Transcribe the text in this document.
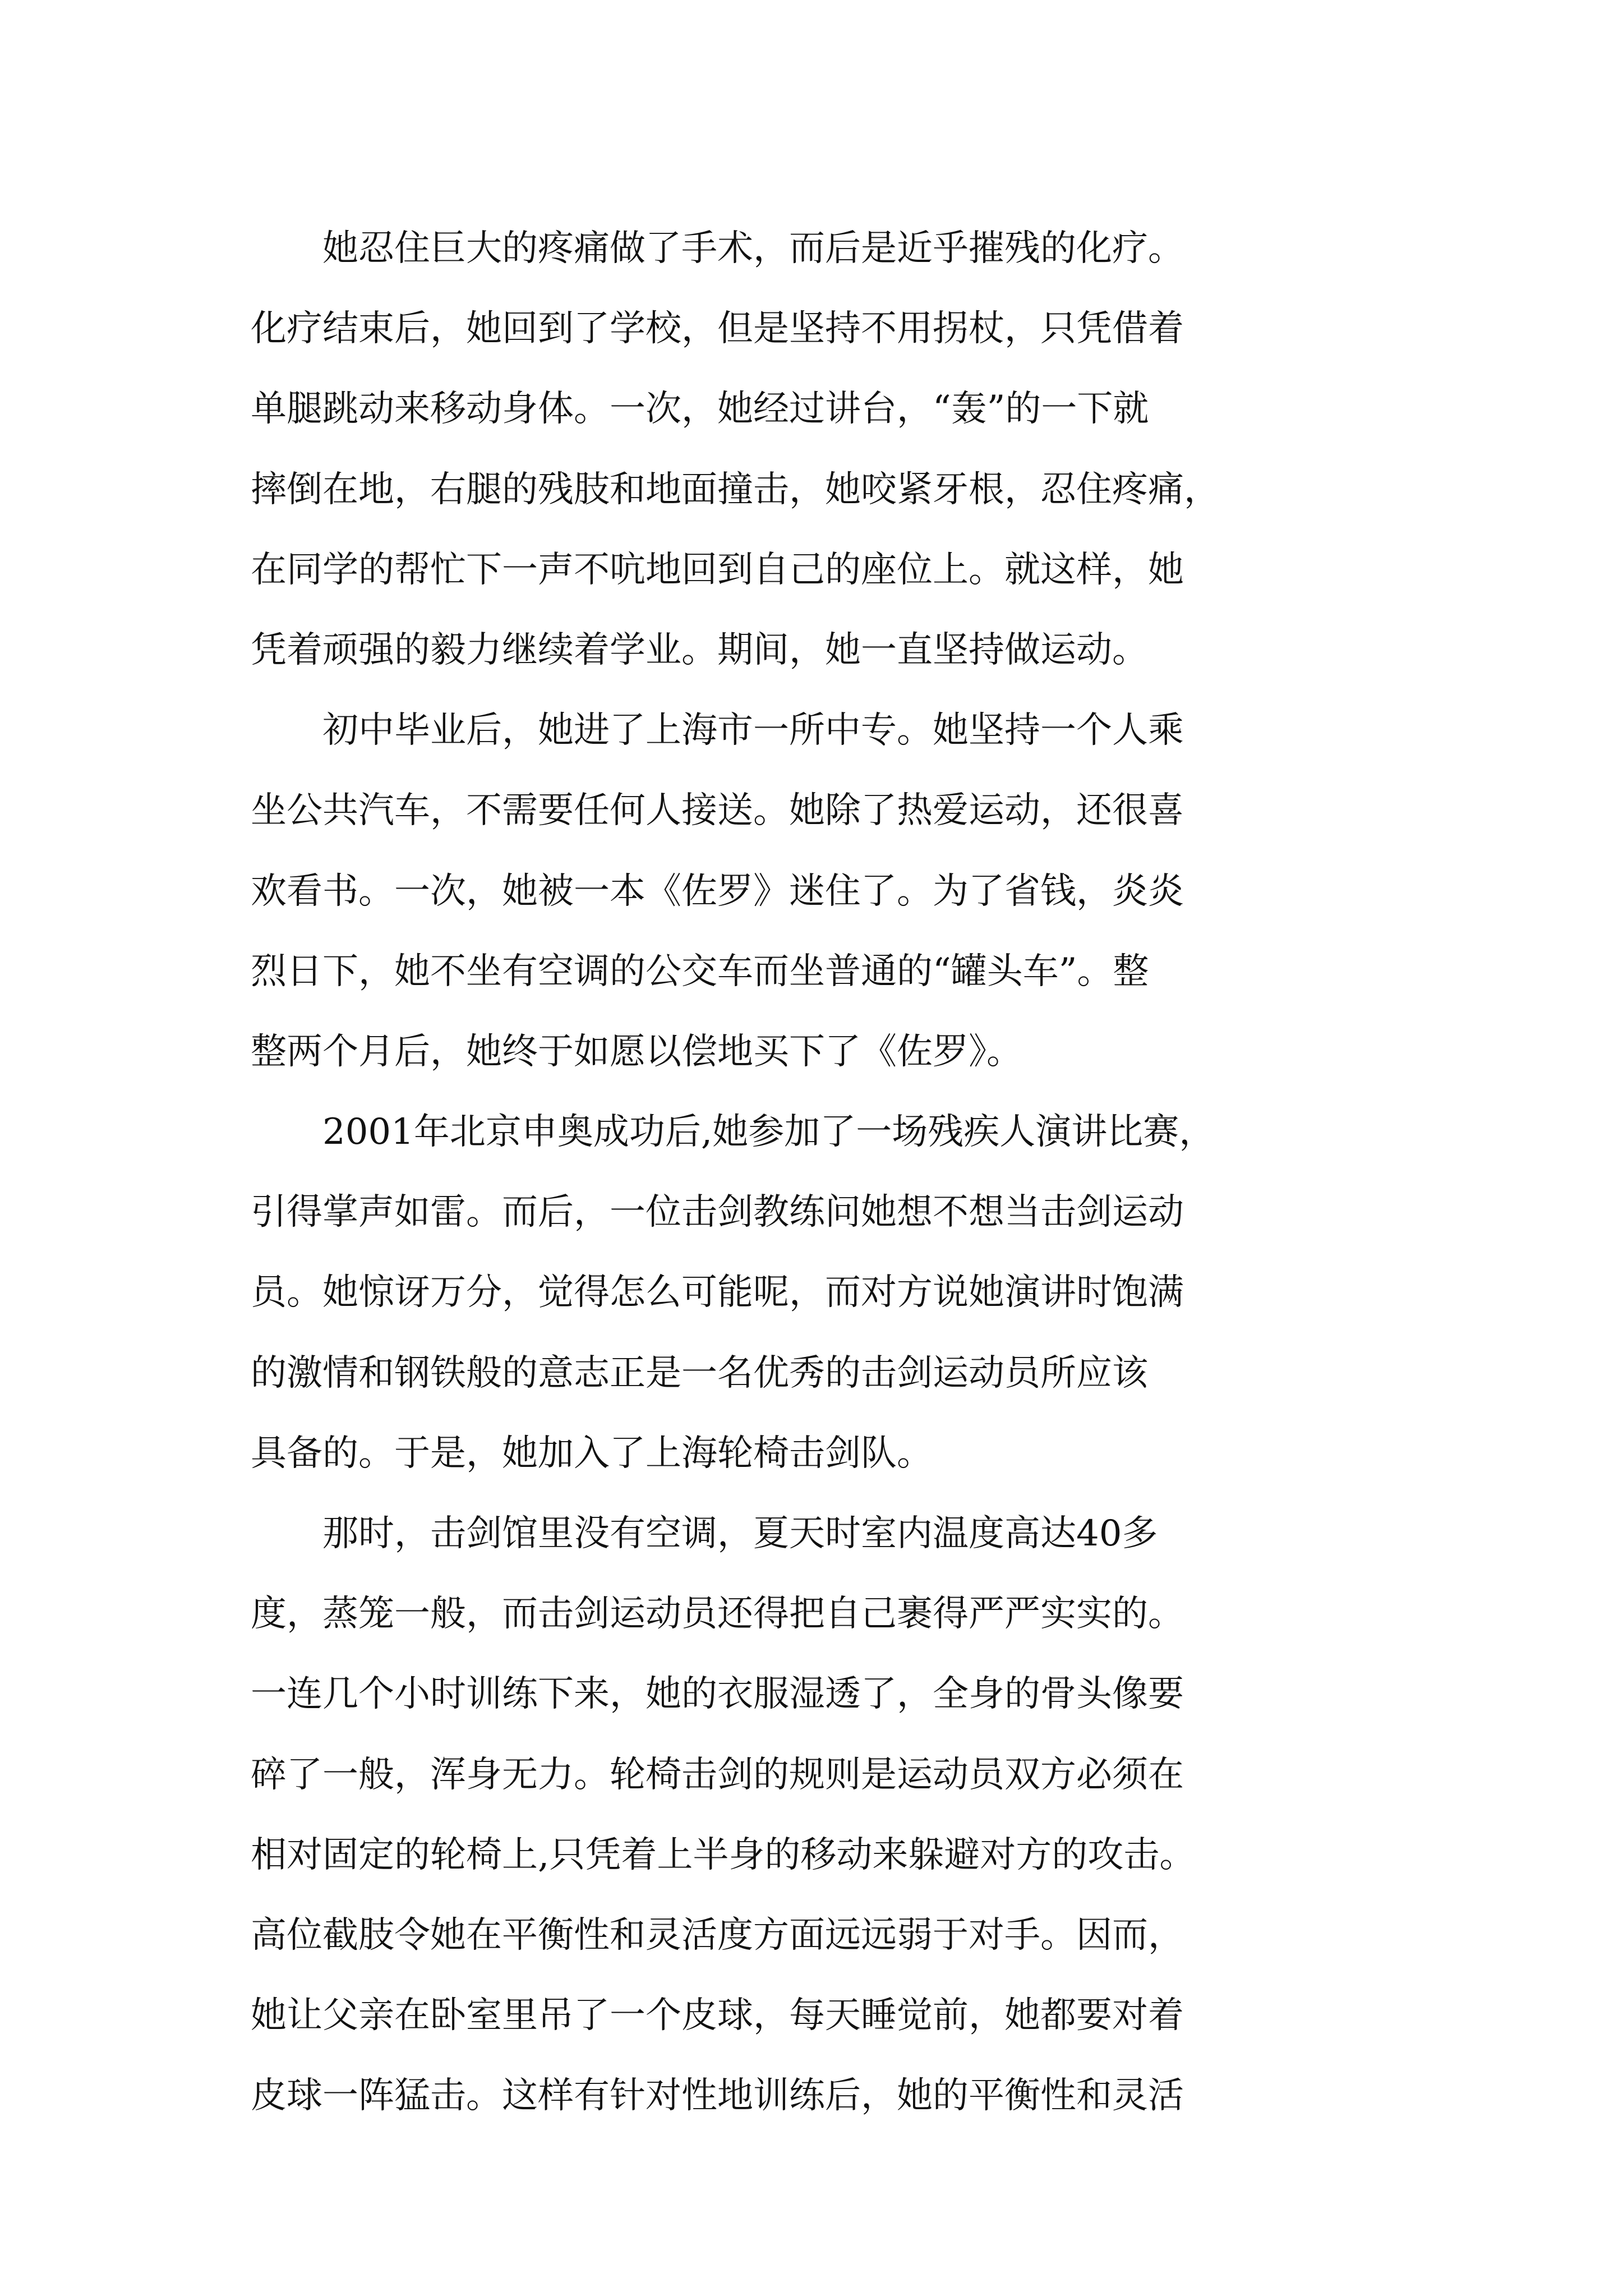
　　她忍住巨大的疼痛做了手术，而后是近乎摧残的化疗。
化疗结束后，她回到了学校，但是坚持不用拐杖，只凭借着
单腿跳动来移动身体。一次，她经过讲台，“轰”的一下就
摔倒在地，右腿的残肢和地面撞击，她咬紧牙根，忍住疼痛，
在同学的帮忙下一声不吭地回到自己的座位上。就这样，她
凭着顽强的毅力继续着学业。期间，她一直坚持做运动。
　　初中毕业后，她进了上海市一所中专。她坚持一个人乘
坐公共汽车，不需要任何人接送。她除了热爱运动，还很喜
欢看书。一次，她被一本《佐罗》迷住了。为了省钱，炎炎
烈日下，她不坐有空调的公交车而坐普通的“罐头车”。整
整两个月后，她终于如愿以偿地买下了《佐罗》。
　　2001年北京申奥成功后,她参加了一场残疾人演讲比赛，
引得掌声如雷。而后，一位击剑教练问她想不想当击剑运动
员。她惊讶万分，觉得怎么可能呢，而对方说她演讲时饱满
的激情和钢铁般的意志正是一名优秀的击剑运动员所应该
具备的。于是，她加入了上海轮椅击剑队。
　　那时，击剑馆里没有空调，夏天时室内温度高达40多
度，蒸笼一般，而击剑运动员还得把自己裹得严严实实的。
一连几个小时训练下来，她的衣服湿透了，全身的骨头像要
碎了一般，浑身无力。轮椅击剑的规则是运动员双方必须在
相对固定的轮椅上,只凭着上半身的移动来躲避对方的攻击。
高位截肢令她在平衡性和灵活度方面远远弱于对手。因而，
她让父亲在卧室里吊了一个皮球，每天睡觉前，她都要对着
皮球一阵猛击。这样有针对性地训练后，她的平衡性和灵活
